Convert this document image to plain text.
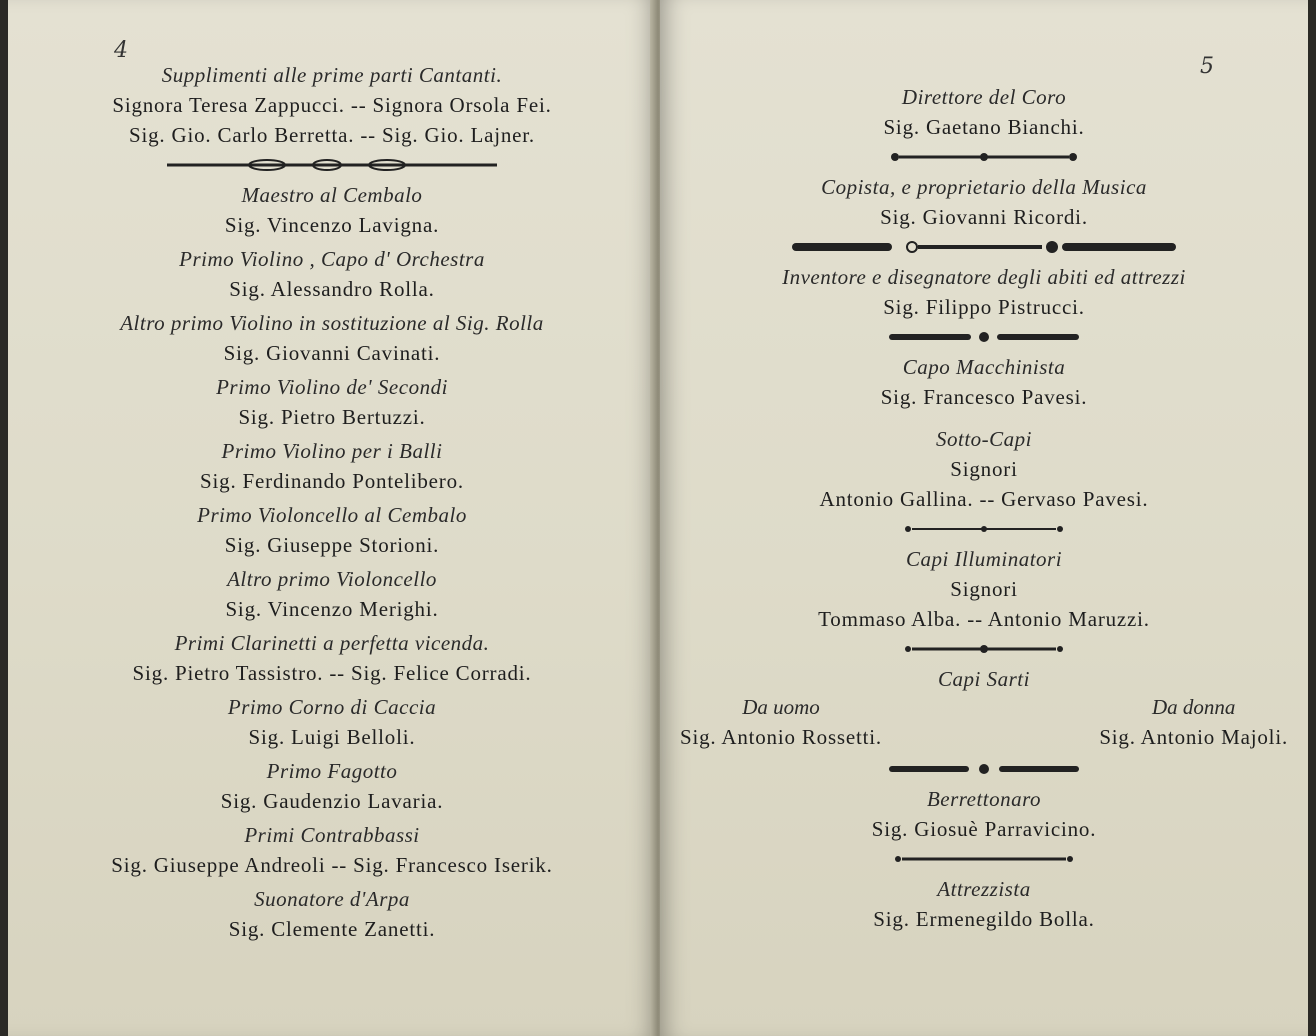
4
Supplimenti alle prime parti Cantanti.
Signora Teresa Zappucci. -- Signora Orsola Fei.
Sig. Gio. Carlo Berretta. -- Sig. Gio. Lajner.
Maestro al Cembalo
Sig. Vincenzo Lavigna.
Primo Violino , Capo d' Orchestra
Sig. Alessandro Rolla.
Altro primo Violino in sostituzione al Sig. Rolla
Sig. Giovanni Cavinati.
Primo Violino de' Secondi
Sig. Pietro Bertuzzi.
Primo Violino per i Balli
Sig. Ferdinando Pontelibero.
Primo Violoncello al Cembalo
Sig. Giuseppe Storioni.
Altro primo Violoncello
Sig. Vincenzo Merighi.
Primi Clarinetti a perfetta vicenda.
Sig. Pietro Tassistro. -- Sig. Felice Corradi.
Primo Corno di Caccia
Sig. Luigi Belloli.
Primo Fagotto
Sig. Gaudenzio Lavaria.
Primi Contrabbassi
Sig. Giuseppe Andreoli -- Sig. Francesco Iserik.
Suonatore d'Arpa
Sig. Clemente Zanetti.
5
Direttore del Coro
Sig. Gaetano Bianchi.
Copista, e proprietario della Musica
Sig. Giovanni Ricordi.
Inventore e disegnatore degli abiti ed attrezzi
Sig. Filippo Pistrucci.
Capo Macchinista
Sig. Francesco Pavesi.
Sotto-Capi
Signori
Antonio Gallina. -- Gervaso Pavesi.
Capi Illuminatori
Signori
Tommaso Alba. -- Antonio Maruzzi.
Capi Sarti
Da uomo
Sig. Antonio Rossetti.
Da donna
Sig. Antonio Majoli.
Berrettonaro
Sig. Giosuè Parravicino.
Attrezzista
Sig. Ermenegildo Bolla.
